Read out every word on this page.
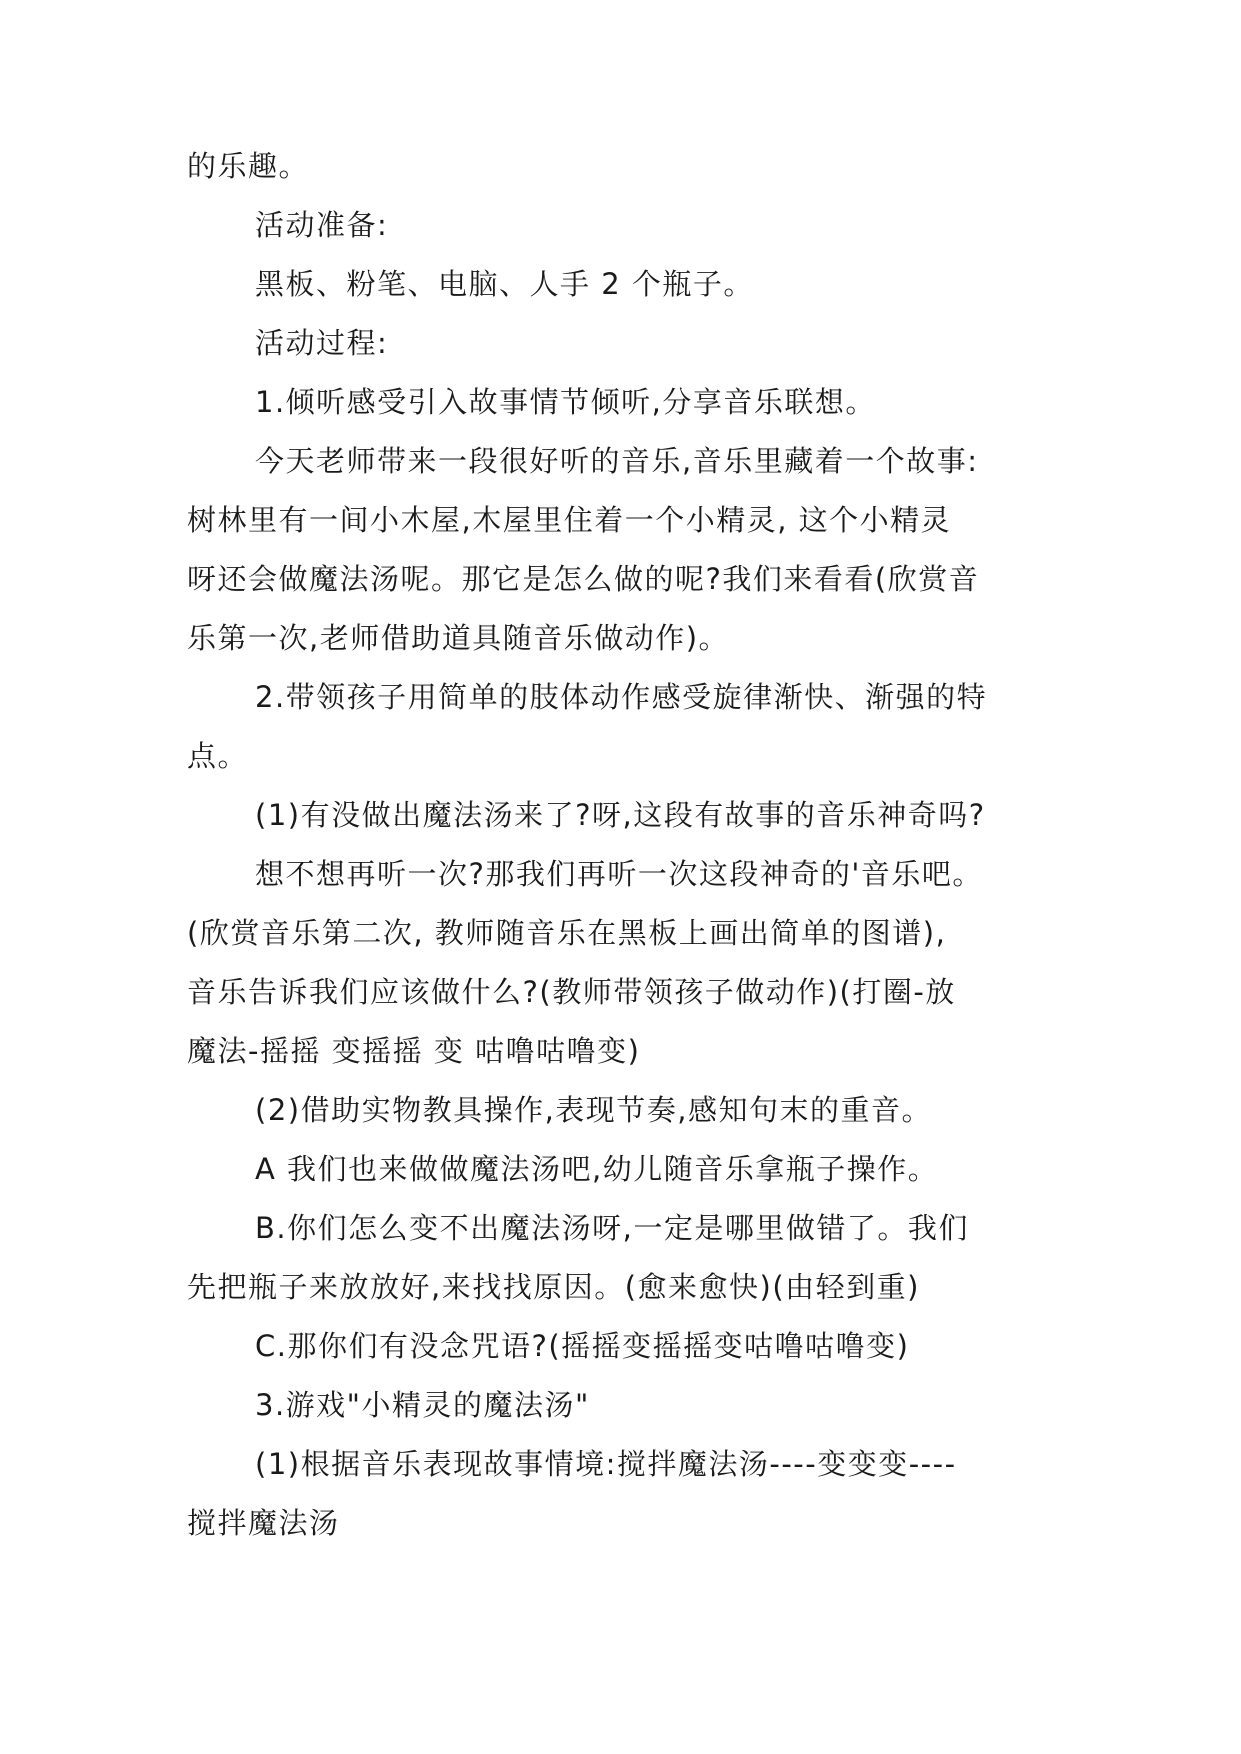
的乐趣。
活动准备:
黑板、粉笔、电脑、人手 2 个瓶子。
活动过程:
1.倾听感受引入故事情节倾听,分享音乐联想。
今天老师带来一段很好听的音乐,音乐里藏着一个故事:
树林里有一间小木屋,木屋里住着一个小精灵, 这个小精灵
呀还会做魔法汤呢。那它是怎么做的呢?我们来看看(欣赏音
乐第一次,老师借助道具随音乐做动作)。
2.带领孩子用简单的肢体动作感受旋律渐快、渐强的特
点。
(1)有没做出魔法汤来了?呀,这段有故事的音乐神奇吗?
想不想再听一次?那我们再听一次这段神奇的'音乐吧。
(欣赏音乐第二次, 教师随音乐在黑板上画出简单的图谱),
音乐告诉我们应该做什么?(教师带领孩子做动作)(打圈-放
魔法-摇摇 变摇摇 变 咕噜咕噜变)
(2)借助实物教具操作,表现节奏,感知句末的重音。
A 我们也来做做魔法汤吧,幼儿随音乐拿瓶子操作。
B.你们怎么变不出魔法汤呀,一定是哪里做错了。我们
先把瓶子来放放好,来找找原因。(愈来愈快)(由轻到重)
C.那你们有没念咒语?(摇摇变摇摇变咕噜咕噜变)
3.游戏"小精灵的魔法汤"
(1)根据音乐表现故事情境:搅拌魔法汤----变变变----
搅拌魔法汤
